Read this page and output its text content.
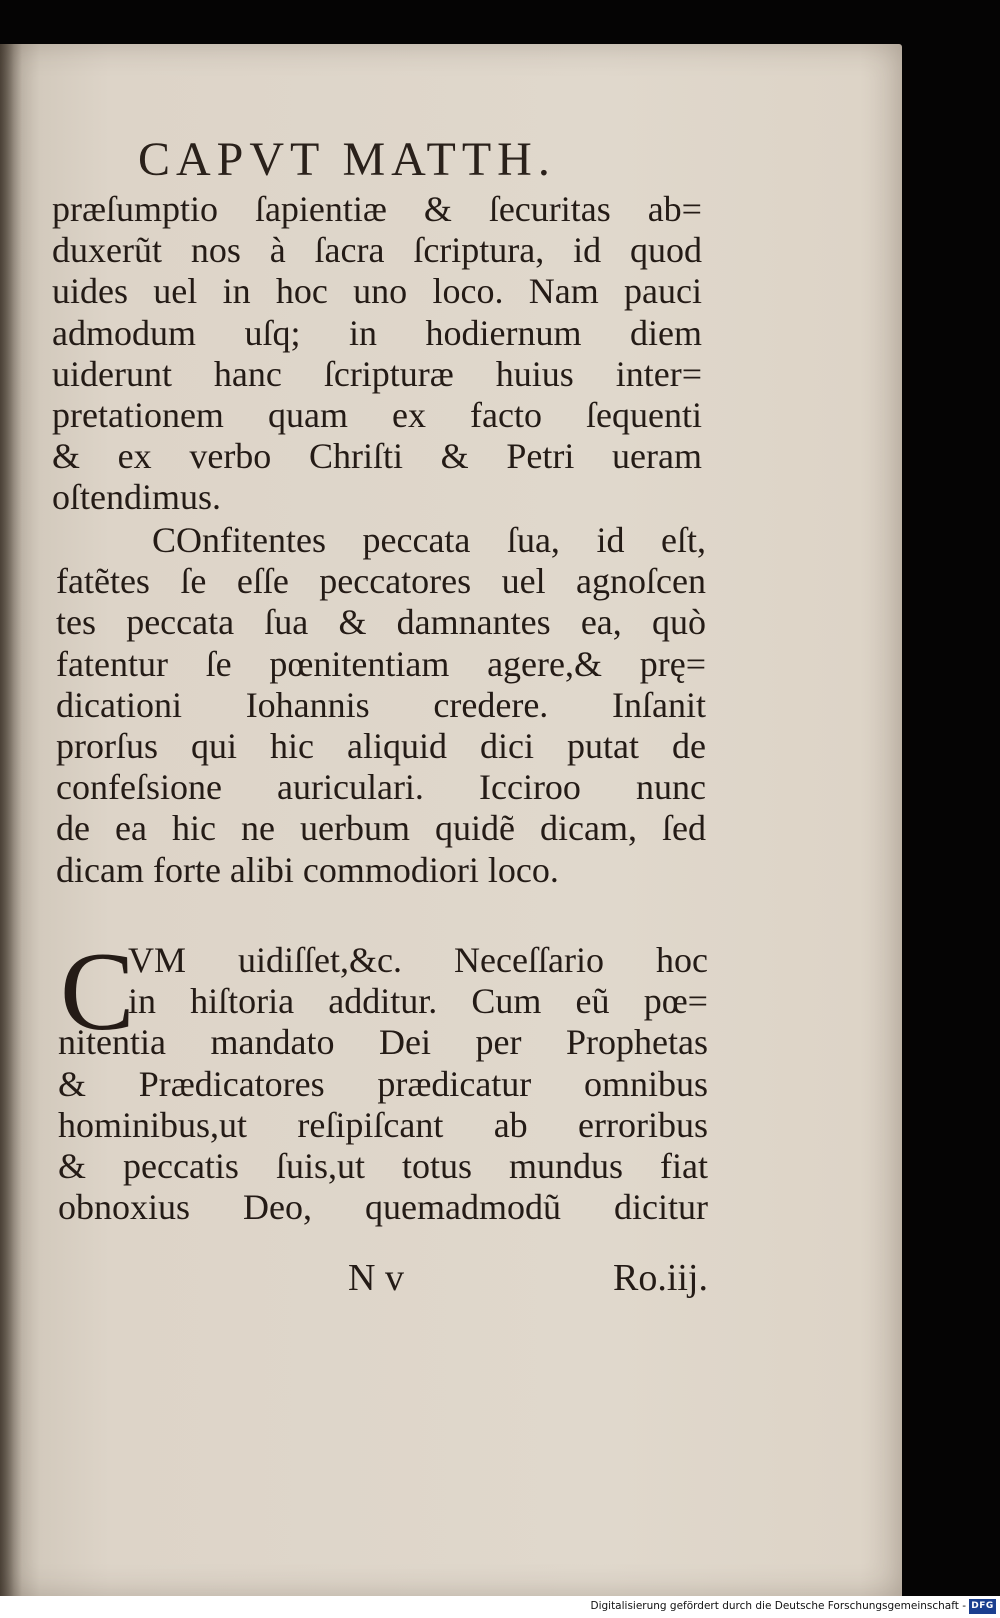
CAPVT MATTH.
præſumptio ſapientiæ & ſecuritas ab=
duxerũt nos à ſacra ſcriptura, id quod
uides uel in hoc uno loco. Nam pauci
admodum uſq; in hodiernum diem
uiderunt hanc ſcripturæ huius inter=
pretationem quam ex facto ſequenti
& ex verbo Chriſti & Petri ueram
oſtendimus.
COnfitentes peccata ſua, id eſt,
fatẽtes ſe eſſe peccatores uel agnoſcen
tes peccata ſua & damnantes ea, quò
fatentur ſe pœnitentiam agere,& prę=
dicationi Iohannis credere. Inſanit
prorſus qui hic aliquid dici putat de
confeſsione auriculari. Icciroo nunc
de ea hic ne uerbum quidẽ dicam, ſed
dicam forte alibi commodiori loco.
C
VM uidiſſet,&c. Neceſſario hoc
in hiſtoria additur. Cum eũ pœ=
nitentia mandato Dei per Prophetas
& Prædicatores prædicatur omnibus
hominibus,ut reſipiſcant ab erroribus
& peccatis ſuis,ut totus mundus fiat
obnoxius Deo, quemadmodũ dicitur
N v	Ro.iij.
Digitalisierung gefördert durch die Deutsche Forschungsgemeinschaft - DFG
